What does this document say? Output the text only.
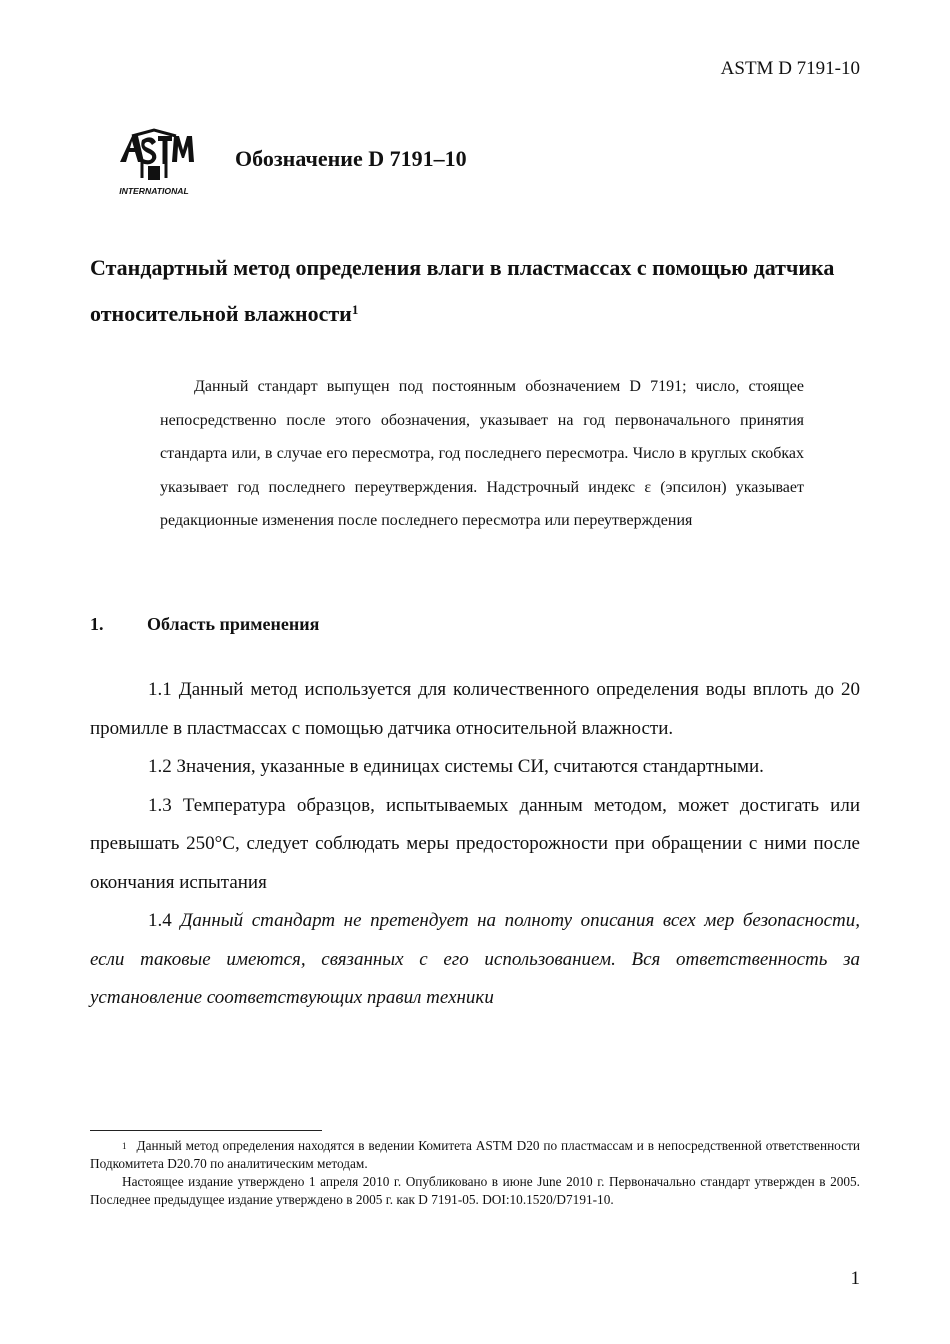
ASTM D 7191-10
INTERNATIONAL
Обозначение D 7191–10
Стандартный метод определения влаги в пластмассах с помощью датчика относительной влажности$^1$
Данный стандарт выпущен под постоянным обозначением D 7191; число, стоящее непосредственно после этого обозначения, указывает на год первоначального принятия стандарта или, в случае его пересмотра, год последнего пересмотра. Число в круглых скобках указывает год последнего переутверждения. Надстрочный индекс ε (эпсилон) указывает редакционные изменения после последнего пересмотра или переутверждения
1. Область применения

1.1 Данный метод используется для количественного определения воды вплоть до 20 промилле в пластмассах с помощью датчика относительной влажности.

1.2 Значения, указанные в единицах системы СИ, считаются стандартными.

1.3 Температура образцов, испытываемых данным методом, может достигать или превышать 250°С, следует соблюдать меры предосторожности при обращении с ними после окончания испытания

1.4 Данный стандарт не претендует на полноту описания всех мер безопасности, если таковые имеются, связанных с его использованием. Вся ответственность за установление соответствующих правил техники

$^1$ Данный метод определения находятся в ведении Комитета ASTM D20 по пластмассам и в непосредственной ответственности Подкомитета D20.70 по аналитическим методам.

Настоящее издание утверждено 1 апреля 2010 г. Опубликовано в июне June 2010 г. Первоначально стандарт утвержден в 2005. Последнее предыдущее издание утверждено в 2005 г. как D 7191-05. DOI:10.1520/D7191-10.

1
